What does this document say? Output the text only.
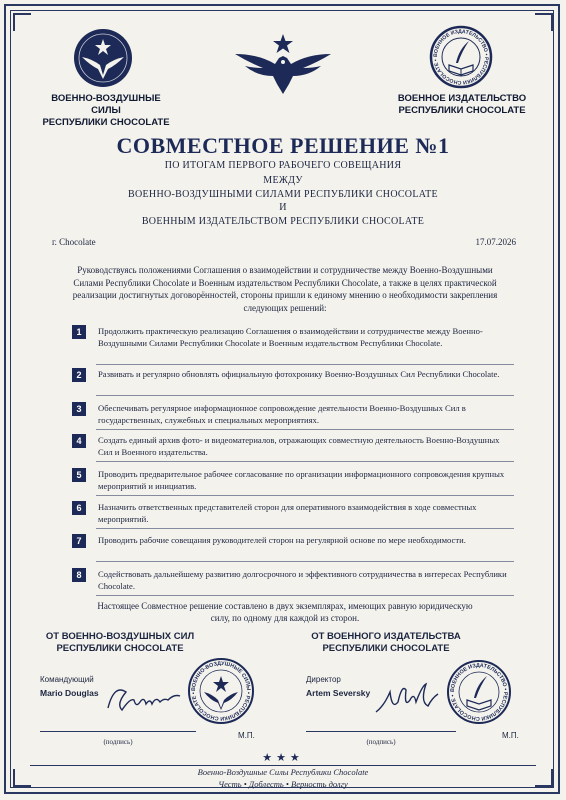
ВОЕННОЕ ИЗДАТЕЛЬСТВО • РЕСПУБЛИКИ CHOCOLATE •
ВОЕННО-ВОЗДУШНЫЕ СИЛЫ
РЕСПУБЛИКИ CHOCOLATE
ВОЕННОЕ ИЗДАТЕЛЬСТВО
РЕСПУБЛИКИ CHOCOLATE
СОВМЕСТНОЕ РЕШЕНИЕ №1
ПО ИТОГАМ ПЕРВОГО РАБОЧЕГО СОВЕЩАНИЯ
МЕЖДУ
ВОЕННО-ВОЗДУШНЫМИ СИЛАМИ РЕСПУБЛИКИ CHOCOLATE
И
ВОЕННЫМ ИЗДАТЕЛЬСТВОМ РЕСПУБЛИКИ CHOCOLATE
г. Chocolate	17.07.2026
Руководствуясь положениями Соглашения о взаимодействии и сотрудничестве между Военно-Воздушными Силами Республики Chocolate и Военным издательством Республики Chocolate, а также в целях практической реализации достигнутых договорённостей, стороны пришли к единому мнению о необходимости закрепления следующих решений:
1	Продолжить практическую реализацию Соглашения о взаимодействии и сотрудничестве между Военно-Воздушными Силами Республики Chocolate и Военным издательством Республики Chocolate.
2	Развивать и регулярно обновлять официальную фотохронику Военно-Воздушных Сил Республики Chocolate.
3	Обеспечивать регулярное информационное сопровождение деятельности Военно-Воздушных Сил в государственных, служебных и специальных мероприятиях.
4	Создать единый архив фото- и видеоматериалов, отражающих совместную деятельность Военно-Воздушных Сил и Военного издательства.
5	Проводить предварительное рабочее согласование по организации информационного сопровождения крупных мероприятий и инициатив.
6	Назначить ответственных представителей сторон для оперативного взаимодействия в ходе совместных мероприятий.
7	Проводить рабочие совещания руководителей сторон на регулярной основе по мере необходимости.
8	Содействовать дальнейшему развитию долгосрочного и эффективного сотрудничества в интересах Республики Chocolate.
Настоящее Совместное решение составлено в двух экземплярах, имеющих равную юридическую силу, по одному для каждой из сторон.
ОТ ВОЕННО-ВОЗДУШНЫХ СИЛ
РЕСПУБЛИКИ CHOCOLATE
ОТ ВОЕННОГО ИЗДАТЕЛЬСТВА
РЕСПУБЛИКИ CHOCOLATE
Командующий
Mario Douglas
Директор
Artem Seversky
ВОЕННО-ВОЗДУШНЫЕ СИЛЫ • РЕСПУБЛИКИ CHOCOLATE •
ВОЕННОЕ ИЗДАТЕЛЬСТВО • РЕСПУБЛИКИ CHOCOLATE •
(подпись)	(подпись)
М.П.	М.П.
★★★
Военно-Воздушные Силы Республики Chocolate
Честь • Доблесть • Верность долгу
